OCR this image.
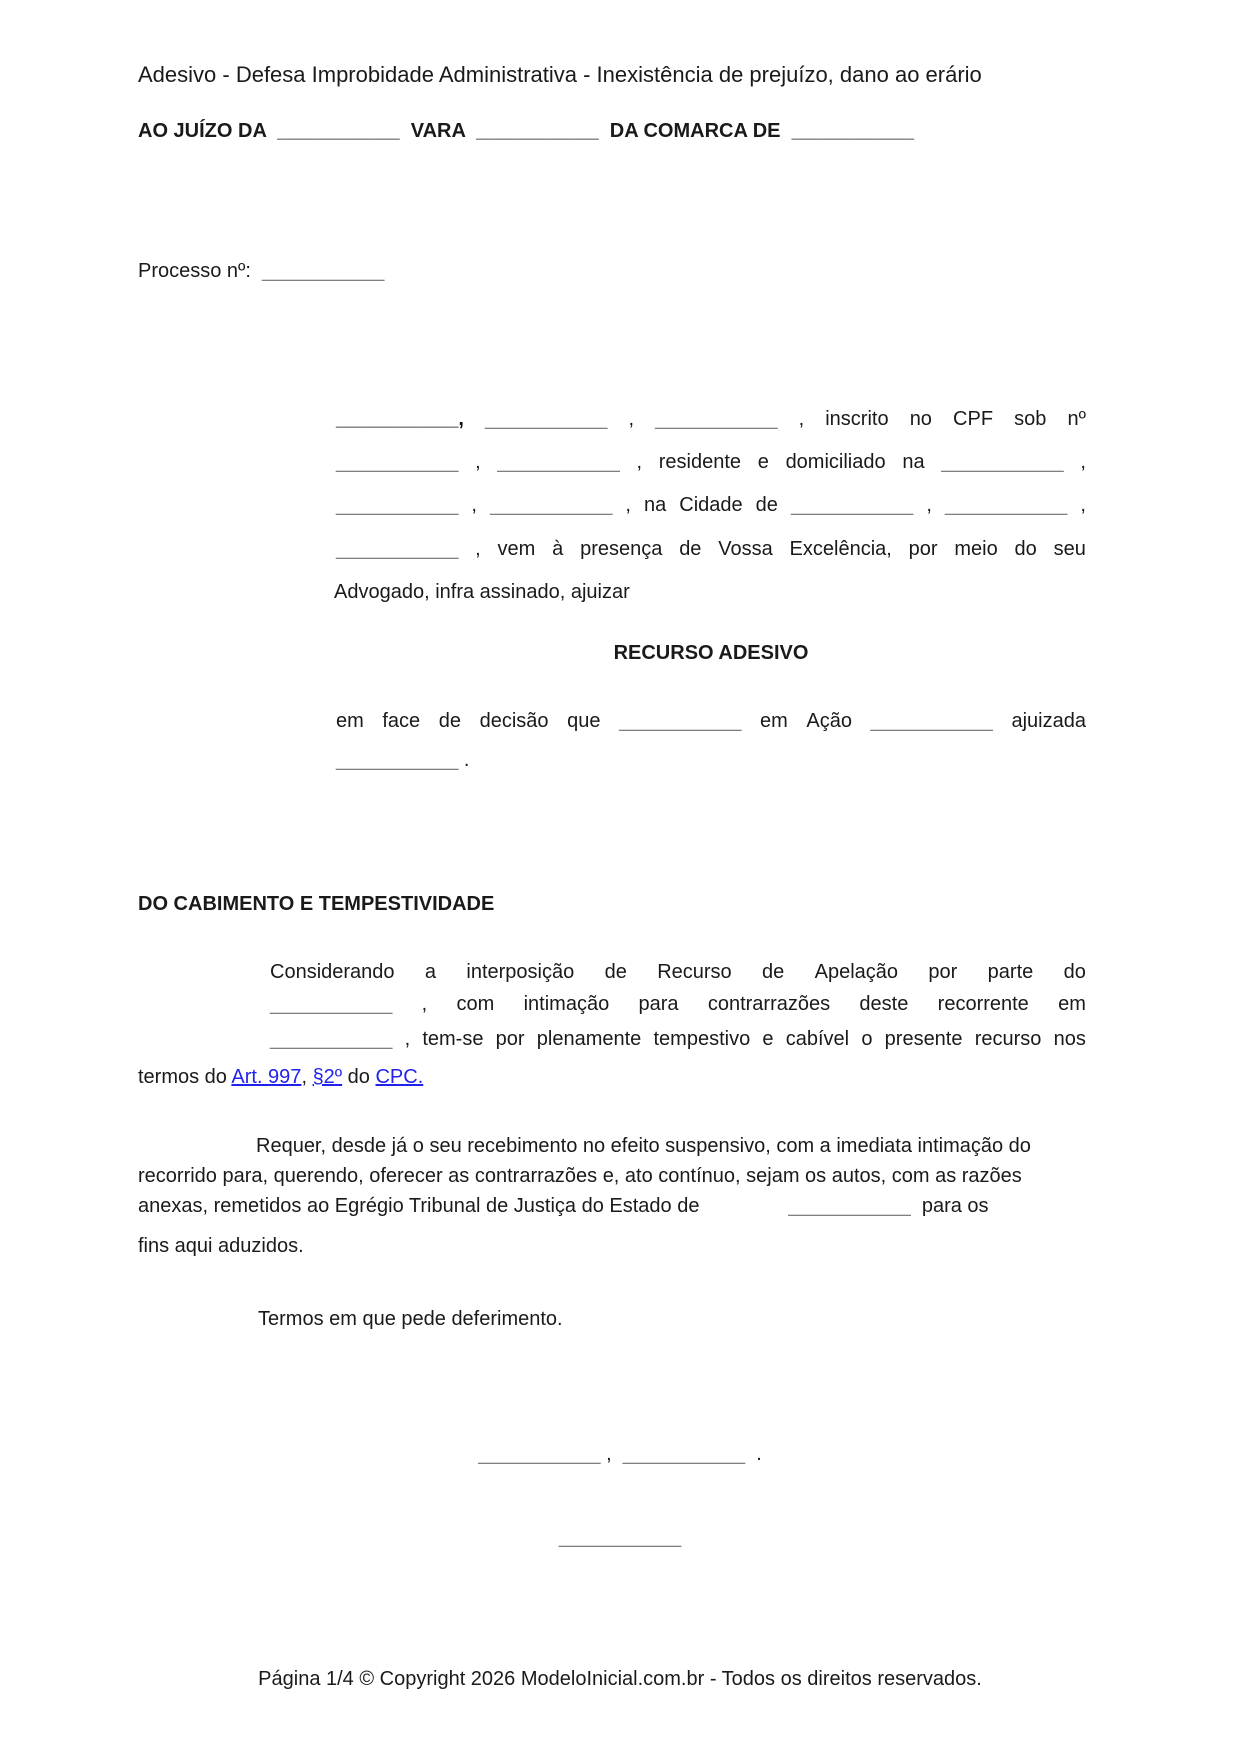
Adesivo - Defesa Improbidade Administrativa - Inexistência de prejuízo, dano ao erário
AO JUÍZO DA  ___________  VARA  ___________  DA COMARCA DE  ___________
Processo nº:  ___________
___________, ___________ , ___________ , inscrito no CPF sob nº
___________ , ___________ , residente e domiciliado na ___________ ,
___________ , ___________ , na Cidade de ___________ , ___________ ,
___________ , vem à presença de Vossa Excelência, por meio do seu
Advogado, infra assinado, ajuizar
RECURSO ADESIVO
em face de decisão que ___________ em Ação ___________ ajuizada
___________ .
DO CABIMENTO E TEMPESTIVIDADE
Considerando a interposição de Recurso de Apelação por parte do
___________ , com intimação para contrarrazões deste recorrente em
___________ , tem-se por plenamente tempestivo e cabível o presente recurso nos
termos do Art. 997, §2º do CPC.
Requer, desde já o seu recebimento no efeito suspensivo, com a imediata intimação do
recorrido para, querendo, oferecer as contrarrazões e, ato contínuo, sejam os autos, com as razões
anexas, remetidos ao Egrégio Tribunal de Justiça do Estado de                ___________  para os
fins aqui aduzidos.
Termos em que pede deferimento.
___________ ,  ___________  .
___________
Página 1/4 © Copyright 2026 ModeloInicial.com.br - Todos os direitos reservados.
